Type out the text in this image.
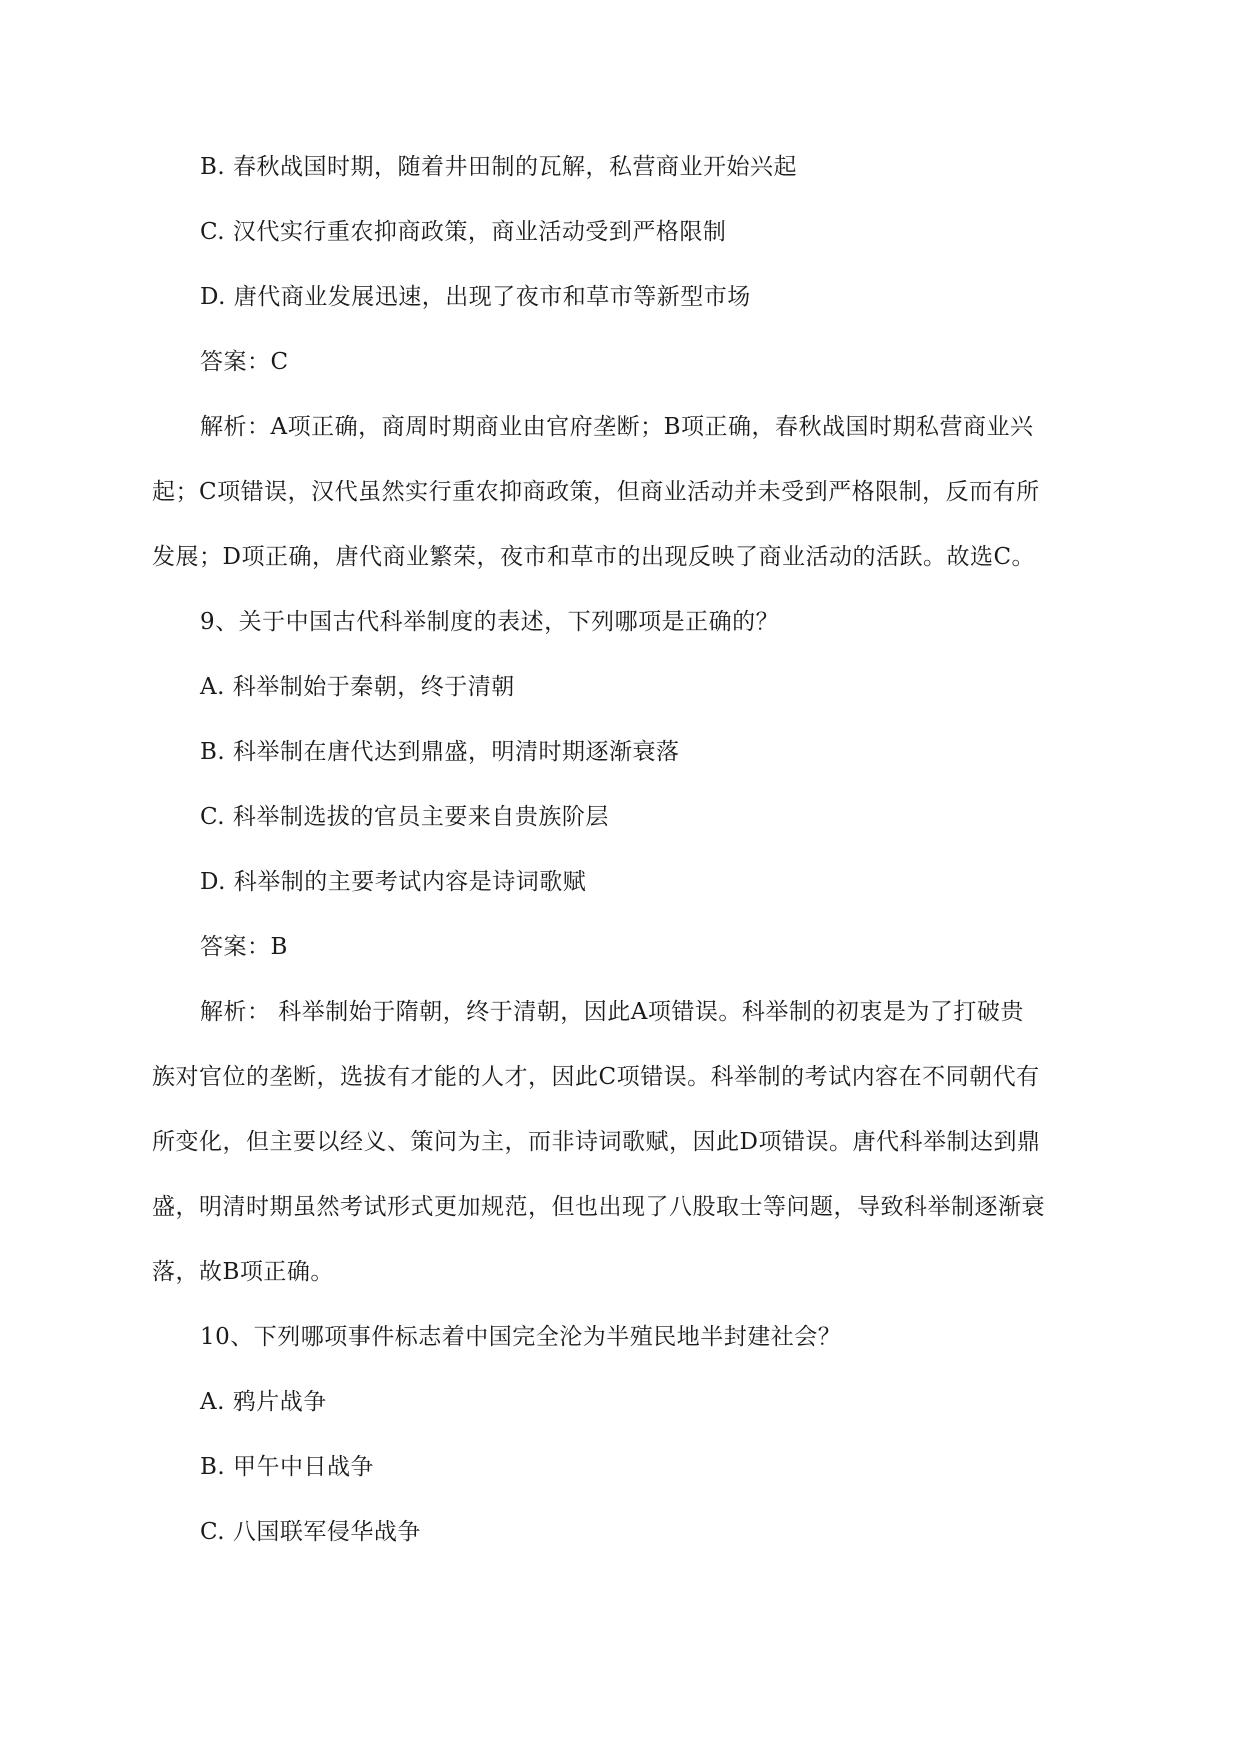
B. 春秋战国时期，随着井田制的瓦解，私营商业开始兴起
C. 汉代实行重农抑商政策，商业活动受到严格限制
D. 唐代商业发展迅速，出现了夜市和草市等新型市场
答案：C
解析：A项正确，商周时期商业由官府垄断；B项正确，春秋战国时期私营商业兴
起；C项错误，汉代虽然实行重农抑商政策，但商业活动并未受到严格限制，反而有所
发展；D项正确，唐代商业繁荣，夜市和草市的出现反映了商业活动的活跃。故选C。
9、关于中国古代科举制度的表述，下列哪项是正确的？
A. 科举制始于秦朝，终于清朝
B. 科举制在唐代达到鼎盛，明清时期逐渐衰落
C. 科举制选拔的官员主要来自贵族阶层
D. 科举制的主要考试内容是诗词歌赋
答案：B
解析： 科举制始于隋朝，终于清朝，因此A项错误。科举制的初衷是为了打破贵
族对官位的垄断，选拔有才能的人才，因此C项错误。科举制的考试内容在不同朝代有
所变化，但主要以经义、策问为主，而非诗词歌赋，因此D项错误。唐代科举制达到鼎
盛，明清时期虽然考试形式更加规范，但也出现了八股取士等问题，导致科举制逐渐衰
落，故B项正确。
10、下列哪项事件标志着中国完全沦为半殖民地半封建社会？
A. 鸦片战争
B. 甲午中日战争
C. 八国联军侵华战争
